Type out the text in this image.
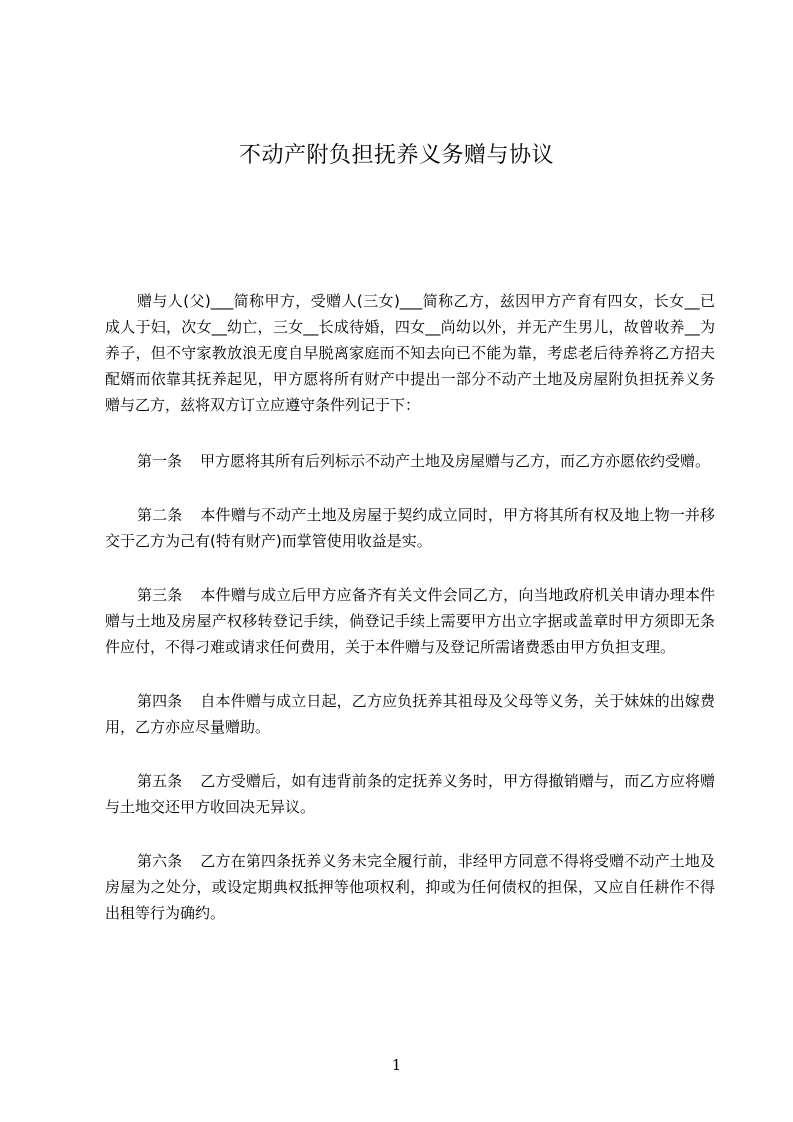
不动产附负担抚养义务赠与协议

赠与人(父)___简称甲方，受赠人(三女)___简称乙方，兹因甲方产育有四女，长女__已成人于妇，次女__幼亡，三女__长成待婚，四女__尚幼以外，并无产生男儿，故曾收养__为养子，但不守家教放浪无度自早脱离家庭而不知去向已不能为靠，考虑老后待养将乙方招夫配婿而依靠其抚养起见，甲方愿将所有财产中提出一部分不动产土地及房屋附负担抚养义务赠与乙方，兹将双方订立应遵守条件列记于下：

第一条 甲方愿将其所有后列标示不动产土地及房屋赠与乙方，而乙方亦愿依约受赠。

第二条 本件赠与不动产土地及房屋于契约成立同时，甲方将其所有权及地上物一并移交于乙方为己有(特有财产)而掌管使用收益是实。

第三条 本件赠与成立后甲方应备齐有关文件会同乙方，向当地政府机关申请办理本件赠与土地及房屋产权移转登记手续，倘登记手续上需要甲方出立字据或盖章时甲方须即无条件应付，不得刁难或请求任何费用，关于本件赠与及登记所需诸费悉由甲方负担支理。

第四条 自本件赠与成立日起，乙方应负抚养其祖母及父母等义务，关于妹妹的出嫁费用，乙方亦应尽量赠助。

第五条 乙方受赠后，如有违背前条的定抚养义务时，甲方得撤销赠与，而乙方应将赠与土地交还甲方收回决无异议。

第六条 乙方在第四条抚养义务未完全履行前，非经甲方同意不得将受赠不动产土地及房屋为之处分，或设定期典权抵押等他项权利，抑或为任何债权的担保，又应自任耕作不得出租等行为确约。

1
